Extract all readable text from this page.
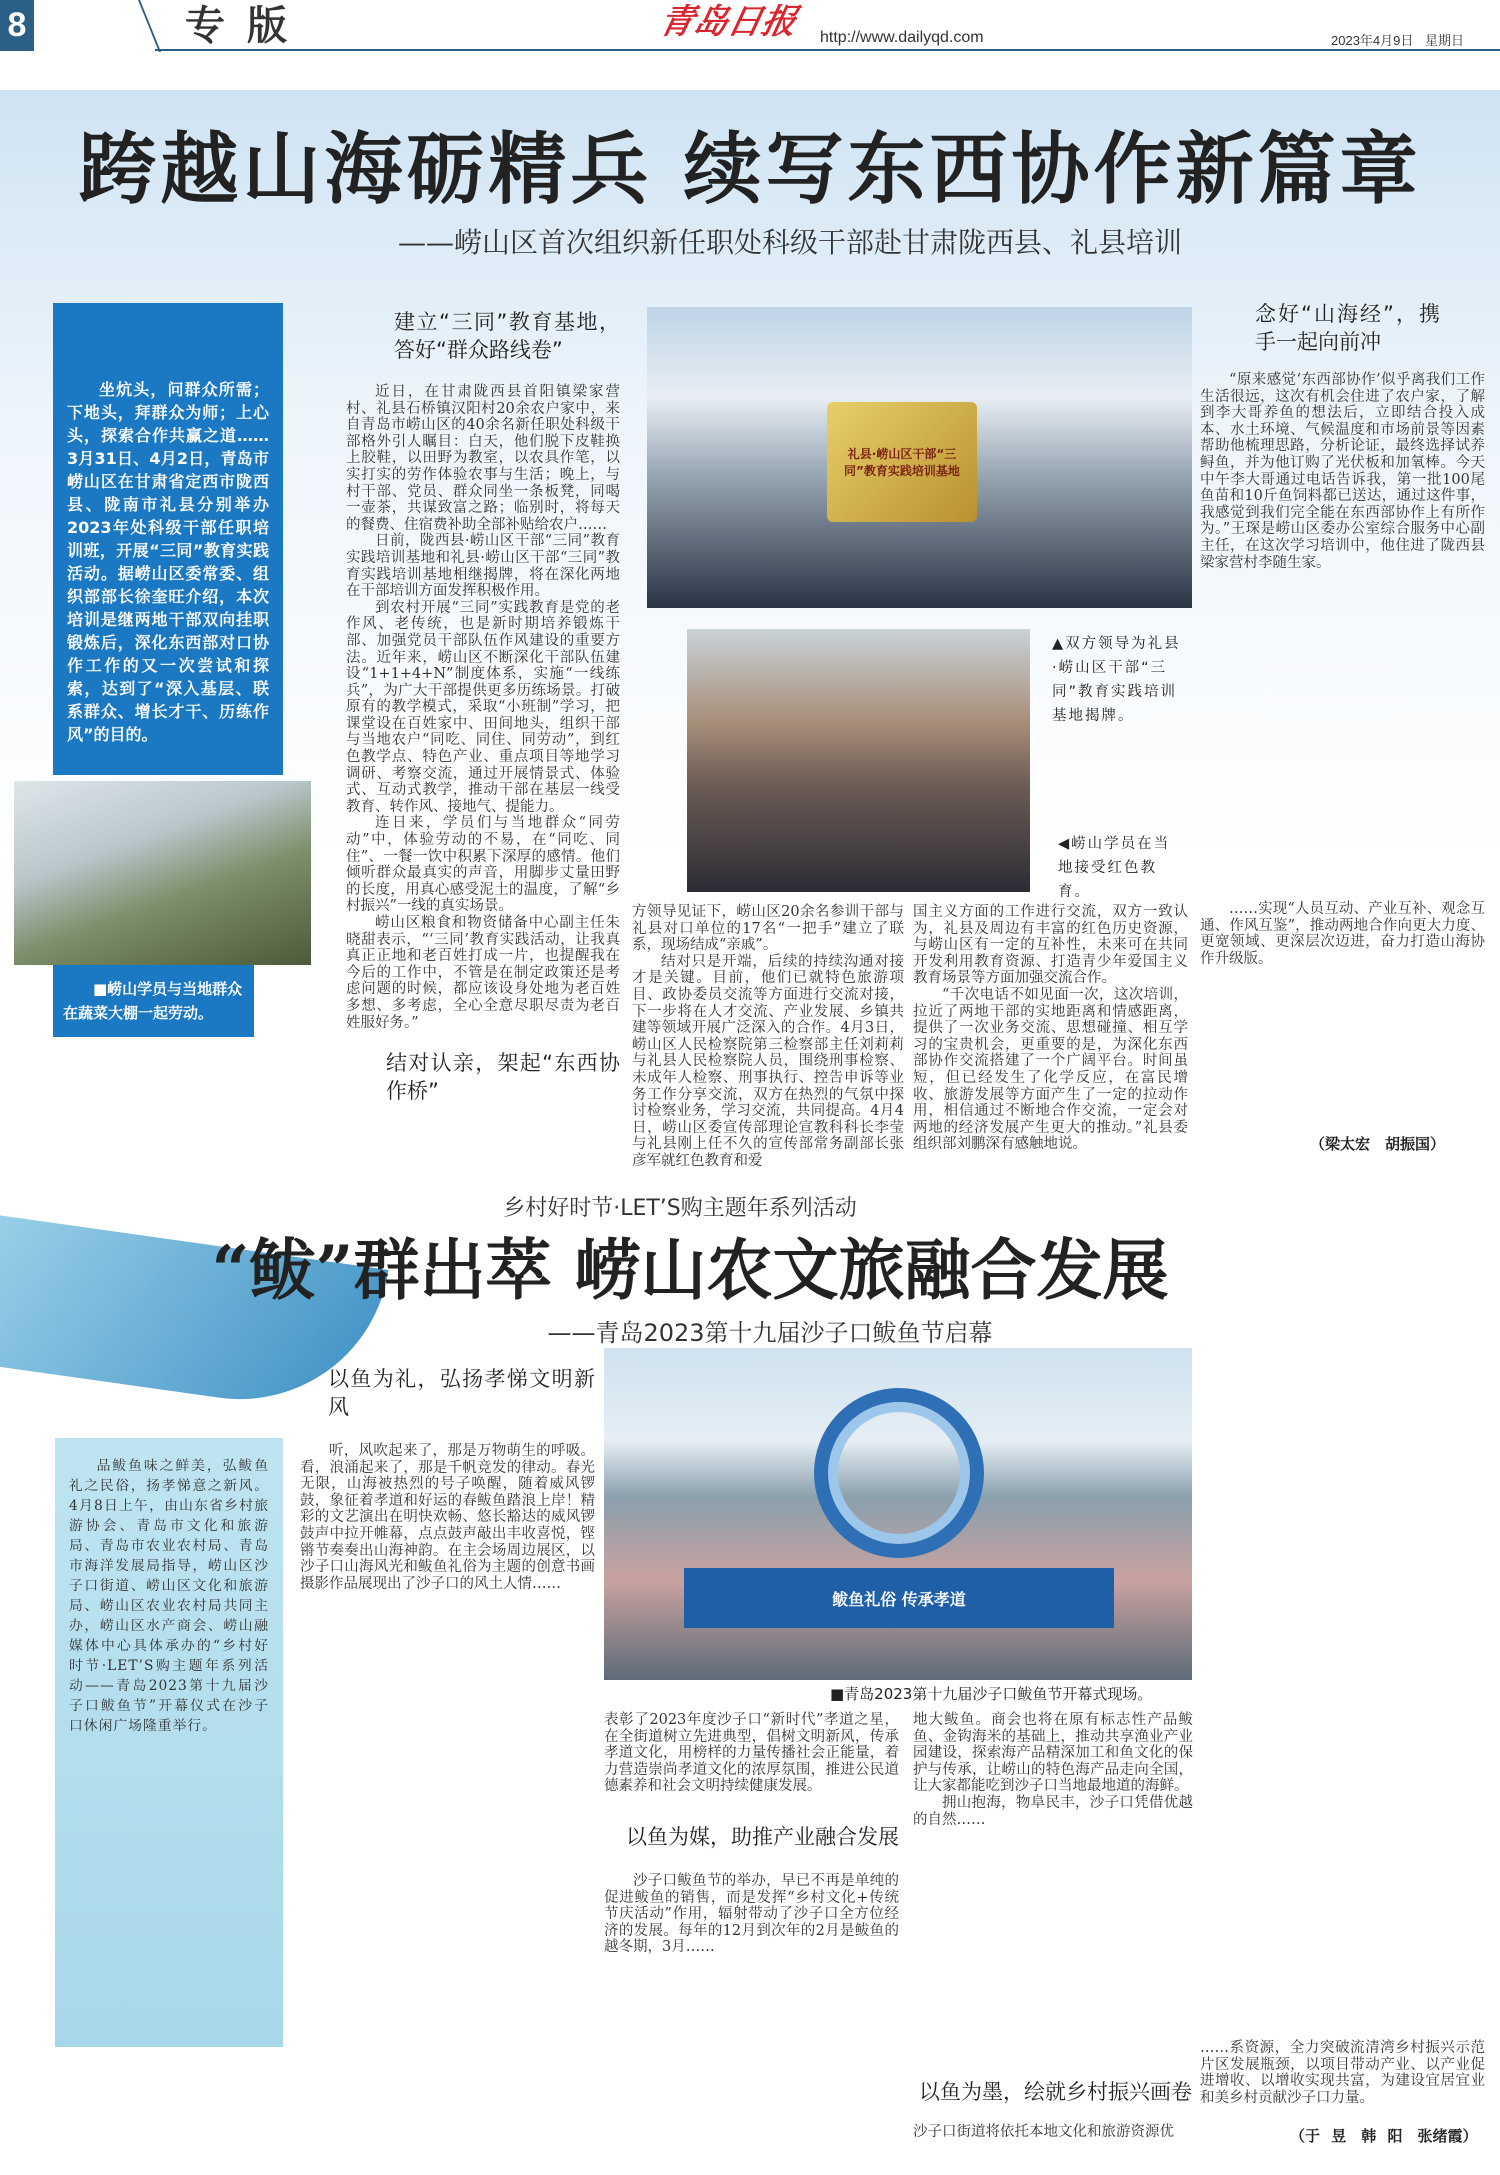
8	专版	青岛日报 http://www.dailyqd.com	2023年4月9日 星期日
跨越山海砺精兵 续写东西协作新篇章
——崂山区首次组织新任职处科级干部赴甘肃陇西县、礼县培训
坐炕头，问群众所需；下地头，拜群众为师；上心头，探索合作共赢之道……3月31日、4月2日，青岛市崂山区在甘肃省定西市陇西县、陇南市礼县分别举办2023年处科级干部任职培训班，开展“三同”教育实践活动。据崂山区委常委、组织部部长徐奎旺介绍，本次培训是继两地干部双向挂职锻炼后，深化东西部对口协作工作的又一次尝试和探索，达到了“深入基层、联系群众、增长才干、历练作风”的目的。
■崂山学员与当地群众在蔬菜大棚一起劳动。
建立“三同”教育基地，答好“群众路线卷”

近日，在甘肃陇西县首阳镇梁家营村、礼县石桥镇汉阳村20余农户家中，来自青岛市崂山区的40余名新任职处科级干部格外引人瞩目：白天，他们脱下皮鞋换上胶鞋，以田野为教室，以农具作笔，以实打实的劳作体验农事与生活；晚上，与村干部、党员、群众同坐一条板凳，同喝一壶茶，共谋致富之路；临别时，将每天的餐费、住宿费补助全部补贴给农户……

日前，陇西县·崂山区干部“三同”教育实践培训基地和礼县·崂山区干部“三同”教育实践培训基地相继揭牌，将在深化两地在干部培训方面发挥积极作用。

到农村开展“三同”实践教育是党的老作风、老传统，也是新时期培养锻炼干部、加强党员干部队伍作风建设的重要方法。近年来，崂山区不断深化干部队伍建设“1+1+4+N”制度体系，实施“一线练兵”，为广大干部提供更多历练场景。打破原有的教学模式，采取“小班制”学习，把课堂设在百姓家中、田间地头，组织干部与当地农户“同吃、同住、同劳动”，到红色教学点、特色产业、重点项目等地学习调研、考察交流，通过开展情景式、体验式、互动式教学，推动干部在基层一线受教育、转作风、接地气、提能力。

连日来，学员们与当地群众“同劳动”中，体验劳动的不易，在“同吃、同住”、一餐一饮中积累下深厚的感情。他们倾听群众最真实的声音，用脚步丈量田野的长度，用真心感受泥土的温度，了解“乡村振兴”一线的真实场景。

崂山区粮食和物资储备中心副主任朱晓甜表示，“‘三同’教育实践活动，让我真真正正地和老百姓打成一片，也提醒我在今后的工作中，不管是在制定政策还是考虑问题的时候，都应该设身处地为老百姓多想、多考虑，全心全意尽职尽责为老百姓服好务。”

结对认亲，架起“东西协作桥”
礼县·崂山区干部“三同”教育实践培训基地
▲双方领导为礼县·崂山区干部“三同”教育实践培训基地揭牌。
◀崂山学员在当地接受红色教育。

方领导见证下，崂山区20余名参训干部与礼县对口单位的17名“一把手”建立了联系，现场结成“亲戚”。

结对只是开端，后续的持续沟通对接才是关键。目前，他们已就特色旅游项目、政协委员交流等方面进行交流对接，下一步将在人才交流、产业发展、乡镇共建等领域开展广泛深入的合作。4月3日，崂山区人民检察院第三检察部主任刘莉莉与礼县人民检察院人员，围绕刑事检察、未成年人检察、刑事执行、控告申诉等业务工作分享交流，双方在热烈的气氛中探讨检察业务，学习交流，共同提高。4月4日，崂山区委宣传部理论宣教科科长李莹与礼县刚上任不久的宣传部常务副部长张彦军就红色教育和爱

国主义方面的工作进行交流，双方一致认为，礼县及周边有丰富的红色历史资源，与崂山区有一定的互补性，未来可在共同开发利用教育资源、打造青少年爱国主义教育场景等方面加强交流合作。

“千次电话不如见面一次，这次培训，拉近了两地干部的实地距离和情感距离，提供了一次业务交流、思想碰撞、相互学习的宝贵机会，更重要的是，为深化东西部协作交流搭建了一个广阔平台。时间虽短，但已经发生了化学反应，在富民增收、旅游发展等方面产生了一定的拉动作用，相信通过不断地合作交流，一定会对两地的经济发展产生更大的推动。”礼县委组织部刘鹏深有感触地说。

念好“山海经”，携手一起向前冲

“原来感觉‘东西部协作’似乎离我们工作生活很远，这次有机会住进了农户家，了解到李大哥养鱼的想法后，立即结合投入成本、水土环境、气候温度和市场前景等因素帮助他梳理思路，分析论证，最终选择试养鲟鱼，并为他订购了光伏板和加氧棒。今天中午李大哥通过电话告诉我，第一批100尾鱼苗和10斤鱼饲料都已送达，通过这件事，我感觉到我们完全能在东西部协作上有所作为。”王琛是崂山区委办公室综合服务中心副主任，在这次学习培训中，他住进了陇西县梁家营村李随生家。

……实现“人员互动、产业互补、观念互通、作风互鉴”，推动两地合作向更大力度、更宽领域、更深层次迈进，奋力打造山海协作升级版。

（梁太宏　胡振国）
乡村好时节·LET’S购主题年系列活动
“鲅”群出萃 崂山农文旅融合发展
——青岛2023第十九届沙子口鲅鱼节启幕
品鲅鱼味之鲜美，弘鲅鱼礼之民俗，扬孝悌意之新风。4月8日上午，由山东省乡村旅游协会、青岛市文化和旅游局、青岛市农业农村局、青岛市海洋发展局指导，崂山区沙子口街道、崂山区文化和旅游局、崂山区农业农村局共同主办，崂山区水产商会、崂山融媒体中心具体承办的“乡村好时节·LET’S购主题年系列活动——青岛2023第十九届沙子口鲅鱼节”开幕仪式在沙子口休闲广场隆重举行。
以鱼为礼，弘扬孝悌文明新风

听，风吹起来了，那是万物萌生的呼吸。看，浪涌起来了，那是千帆竞发的律动。春光无限，山海被热烈的号子唤醒，随着威风锣鼓，象征着孝道和好运的春鲅鱼踏浪上岸！精彩的文艺演出在明快欢畅、悠长豁达的威风锣鼓声中拉开帷幕，点点鼓声敲出丰收喜悦，铿锵节奏奏出山海神韵。在主会场周边展区，以沙子口山海风光和鲅鱼礼俗为主题的创意书画摄影作品展现出了沙子口的风土人情……

鲅鱼礼俗 传承孝道
■青岛2023第十九届沙子口鲅鱼节开幕式现场。

表彰了2023年度沙子口“新时代”孝道之星，在全街道树立先进典型，倡树文明新风，传承孝道文化，用榜样的力量传播社会正能量，着力营造崇尚孝道文化的浓厚氛围，推进公民道德素养和社会文明持续健康发展。

以鱼为媒，助推产业融合发展

沙子口鲅鱼节的举办，早已不再是单纯的促进鲅鱼的销售，而是发挥“乡村文化+传统节庆活动”作用，辐射带动了沙子口全方位经济的发展。每年的12月到次年的2月是鲅鱼的越冬期，3月……

地大鲅鱼。商会也将在原有标志性产品鲅鱼、金钩海米的基础上，推动共享渔业产业园建设，探索海产品精深加工和鱼文化的保护与传承，让崂山的特色海产品走向全国，让大家都能吃到沙子口当地最地道的海鲜。

拥山抱海，物阜民丰，沙子口凭借优越的自然……

以鱼为墨，绘就乡村振兴画卷

沙子口街道将依托本地文化和旅游资源优

……系资源，全力突破流清湾乡村振兴示范片区发展瓶颈，以项目带动产业、以产业促进增收、以增收实现共富，为建设宜居宜业和美乡村贡献沙子口力量。

（于 昱　韩 阳　张绪霞）
